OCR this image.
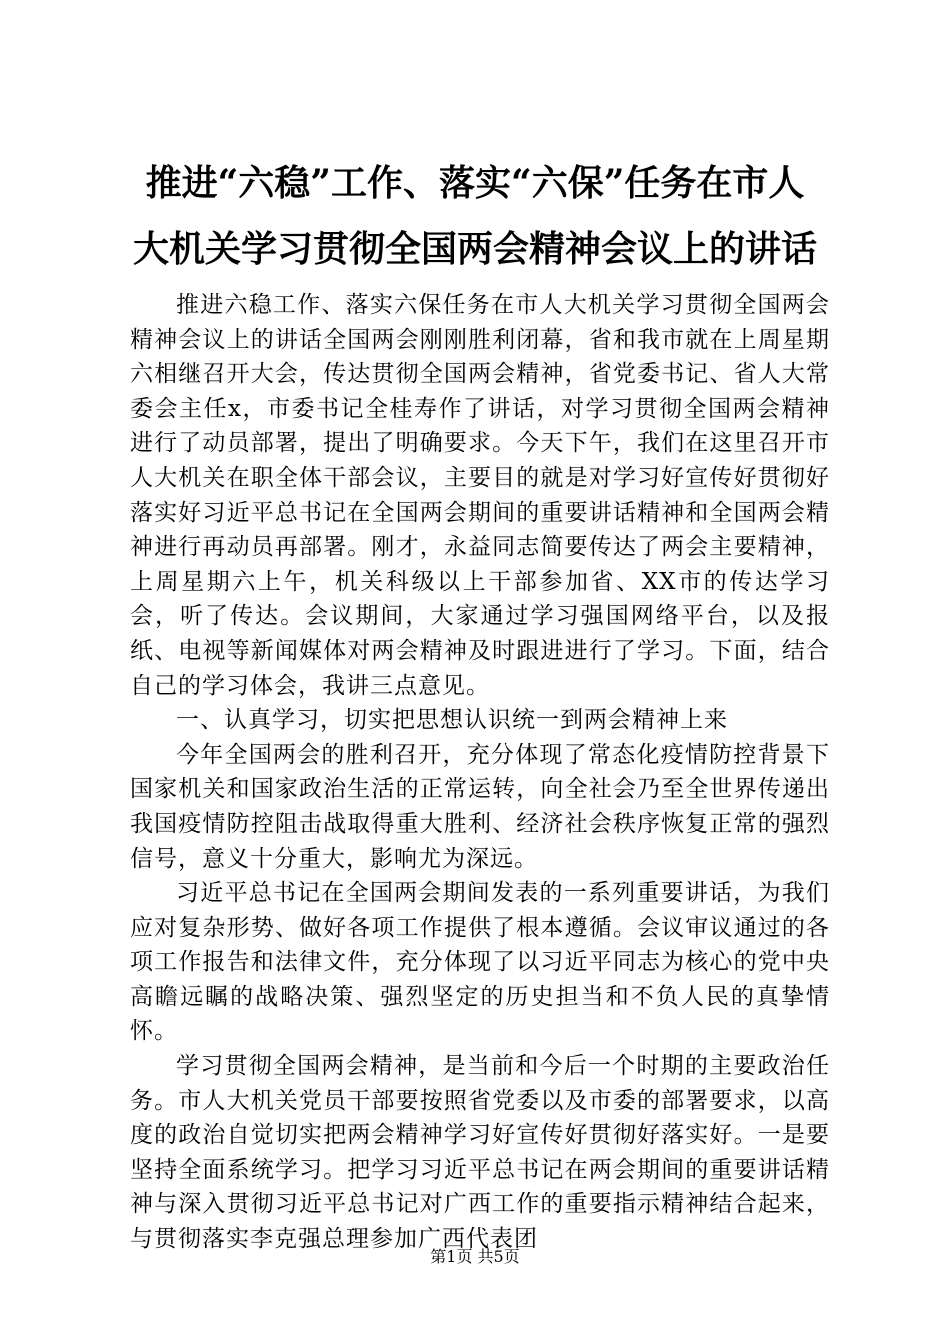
推进“六稳”工作、落实“六保”任务在市人
大机关学习贯彻全国两会精神会议上的讲话

推进六稳工作、落实六保任务在市人大机关学习贯彻全国两会精神会议上的讲话全国两会刚刚胜利闭幕，省和我市就在上周星期六相继召开大会，传达贯彻全国两会精神，省党委书记、省人大常委会主任x，市委书记全桂寿作了讲话，对学习贯彻全国两会精神进行了动员部署，提出了明确要求。今天下午，我们在这里召开市人大机关在职全体干部会议，主要目的就是对学习好宣传好贯彻好落实好习近平总书记在全国两会期间的重要讲话精神和全国两会精神进行再动员再部署。刚才，永益同志简要传达了两会主要精神，上周星期六上午，机关科级以上干部参加省、XX市的传达学习会，听了传达。会议期间，大家通过学习强国网络平台，以及报纸、电视等新闻媒体对两会精神及时跟进进行了学习。下面，结合自己的学习体会，我讲三点意见。

一、认真学习，切实把思想认识统一到两会精神上来

今年全国两会的胜利召开，充分体现了常态化疫情防控背景下国家机关和国家政治生活的正常运转，向全社会乃至全世界传递出我国疫情防控阻击战取得重大胜利、经济社会秩序恢复正常的强烈信号，意义十分重大，影响尤为深远。

习近平总书记在全国两会期间发表的一系列重要讲话，为我们应对复杂形势、做好各项工作提供了根本遵循。会议审议通过的各项工作报告和法律文件，充分体现了以习近平同志为核心的党中央高瞻远瞩的战略决策、强烈坚定的历史担当和不负人民的真挚情怀。

学习贯彻全国两会精神，是当前和今后一个时期的主要政治任务。市人大机关党员干部要按照省党委以及市委的部署要求，以高度的政治自觉切实把两会精神学习好宣传好贯彻好落实好。一是要坚持全面系统学习。把学习习近平总书记在两会期间的重要讲话精神与深入贯彻习近平总书记对广西工作的重要指示精神结合起来，与贯彻落实李克强总理参加广西代表团

第1页 共5页
